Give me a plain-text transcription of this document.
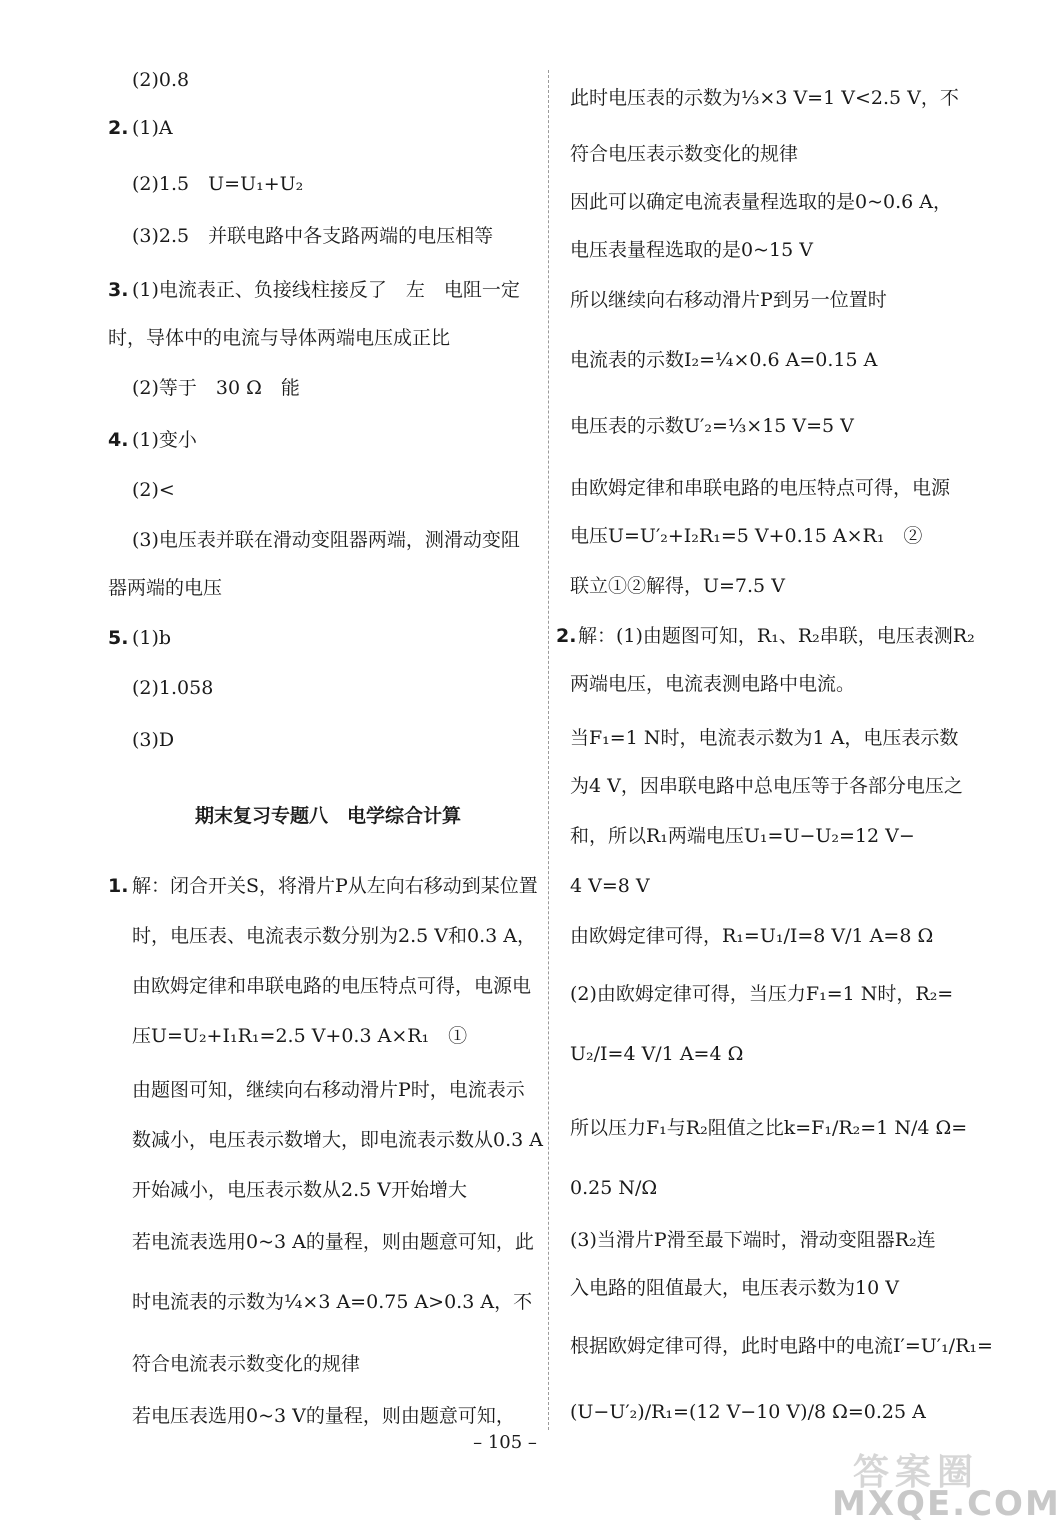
(2)0.8
2. (1)A
(2)1.5　U=U₁+U₂
(3)2.5　并联电路中各支路两端的电压相等
3. (1)电流表正、负接线柱接反了　左　电阻一定
时，导体中的电流与导体两端电压成正比
(2)等于　30 Ω　能
4. (1)变小
(2)<
(3)电压表并联在滑动变阻器两端，测滑动变阻
器两端的电压
5. (1)b
(2)1.058
(3)D
期末复习专题八　电学综合计算
1. 解：闭合开关S，将滑片P从左向右移动到某位置
时，电压表、电流表示数分别为2.5 V和0.3 A，
由欧姆定律和串联电路的电压特点可得，电源电
压U=U₂+I₁R₁=2.5 V+0.3 A×R₁　①
由题图可知，继续向右移动滑片P时，电流表示
数减小，电压表示数增大，即电流表示数从0.3 A
开始减小，电压表示数从2.5 V开始增大
若电流表选用0~3 A的量程，则由题意可知，此
时电流表的示数为¼×3 A=0.75 A>0.3 A，不
符合电流表示数变化的规律
若电压表选用0~3 V的量程，则由题意可知，
此时电压表的示数为⅓×3 V=1 V<2.5 V，不
符合电压表示数变化的规律
因此可以确定电流表量程选取的是0~0.6 A，
电压表量程选取的是0~15 V
所以继续向右移动滑片P到另一位置时
电流表的示数I₂=¼×0.6 A=0.15 A
电压表的示数U′₂=⅓×15 V=5 V
由欧姆定律和串联电路的电压特点可得，电源
电压U=U′₂+I₂R₁=5 V+0.15 A×R₁　②
联立①②解得，U=7.5 V
2. 解：(1)由题图可知，R₁、R₂串联，电压表测R₂
两端电压，电流表测电路中电流。
当F₁=1 N时，电流表示数为1 A，电压表示数
为4 V，因串联电路中总电压等于各部分电压之
和，所以R₁两端电压U₁=U−U₂=12 V−
4 V=8 V
由欧姆定律可得，R₁=U₁/I=8 V/1 A=8 Ω
(2)由欧姆定律可得，当压力F₁=1 N时，R₂=
U₂/I=4 V/1 A=4 Ω
所以压力F₁与R₂阻值之比k=F₁/R₂=1 N/4 Ω=
0.25 N/Ω
(3)当滑片P滑至最下端时，滑动变阻器R₂连
入电路的阻值最大，电压表示数为10 V
根据欧姆定律可得，此时电路中的电流I′=U′₁/R₁=
(U−U′₂)/R₁=(12 V−10 V)/8 Ω=0.25 A
– 105 –
答案圈
MXQE.COM
